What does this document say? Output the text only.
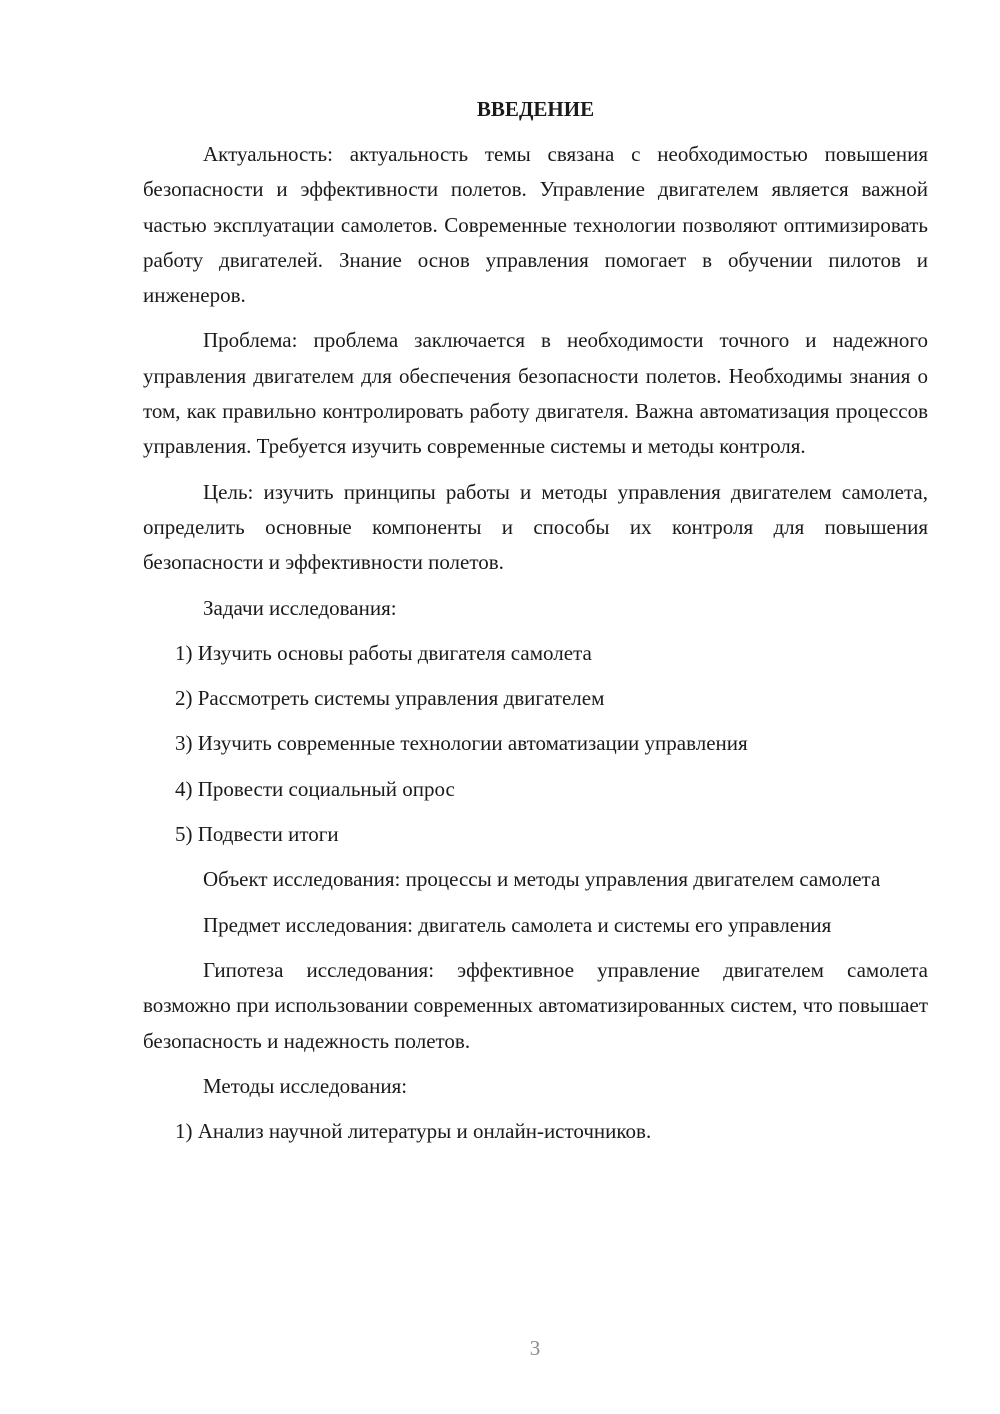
ВВЕДЕНИЕ

Актуальность: актуальность темы связана с необходимостью повышения безопасности и эффективности полетов. Управление двигателем является важной частью эксплуатации самолетов. Современные технологии позволяют оптимизировать работу двигателей. Знание основ управления помогает в обучении пилотов и инженеров.

Проблема: проблема заключается в необходимости точного и надежного управления двигателем для обеспечения безопасности полетов. Необходимы знания о том, как правильно контролировать работу двигателя. Важна автоматизация процессов управления. Требуется изучить современные системы и методы контроля.

Цель: изучить принципы работы и методы управления двигателем самолета, определить основные компоненты и способы их контроля для повышения безопасности и эффективности полетов.

Задачи исследования:
1) Изучить основы работы двигателя самолета
2) Рассмотреть системы управления двигателем
3) Изучить современные технологии автоматизации управления
4) Провести социальный опрос
5) Подвести итоги

Объект исследования: процессы и методы управления двигателем самолета

Предмет исследования: двигатель самолета и системы его управления

Гипотеза исследования: эффективное управление двигателем самолета возможно при использовании современных автоматизированных систем, что повышает безопасность и надежность полетов.

Методы исследования:
1) Анализ научной литературы и онлайн-источников.
3
